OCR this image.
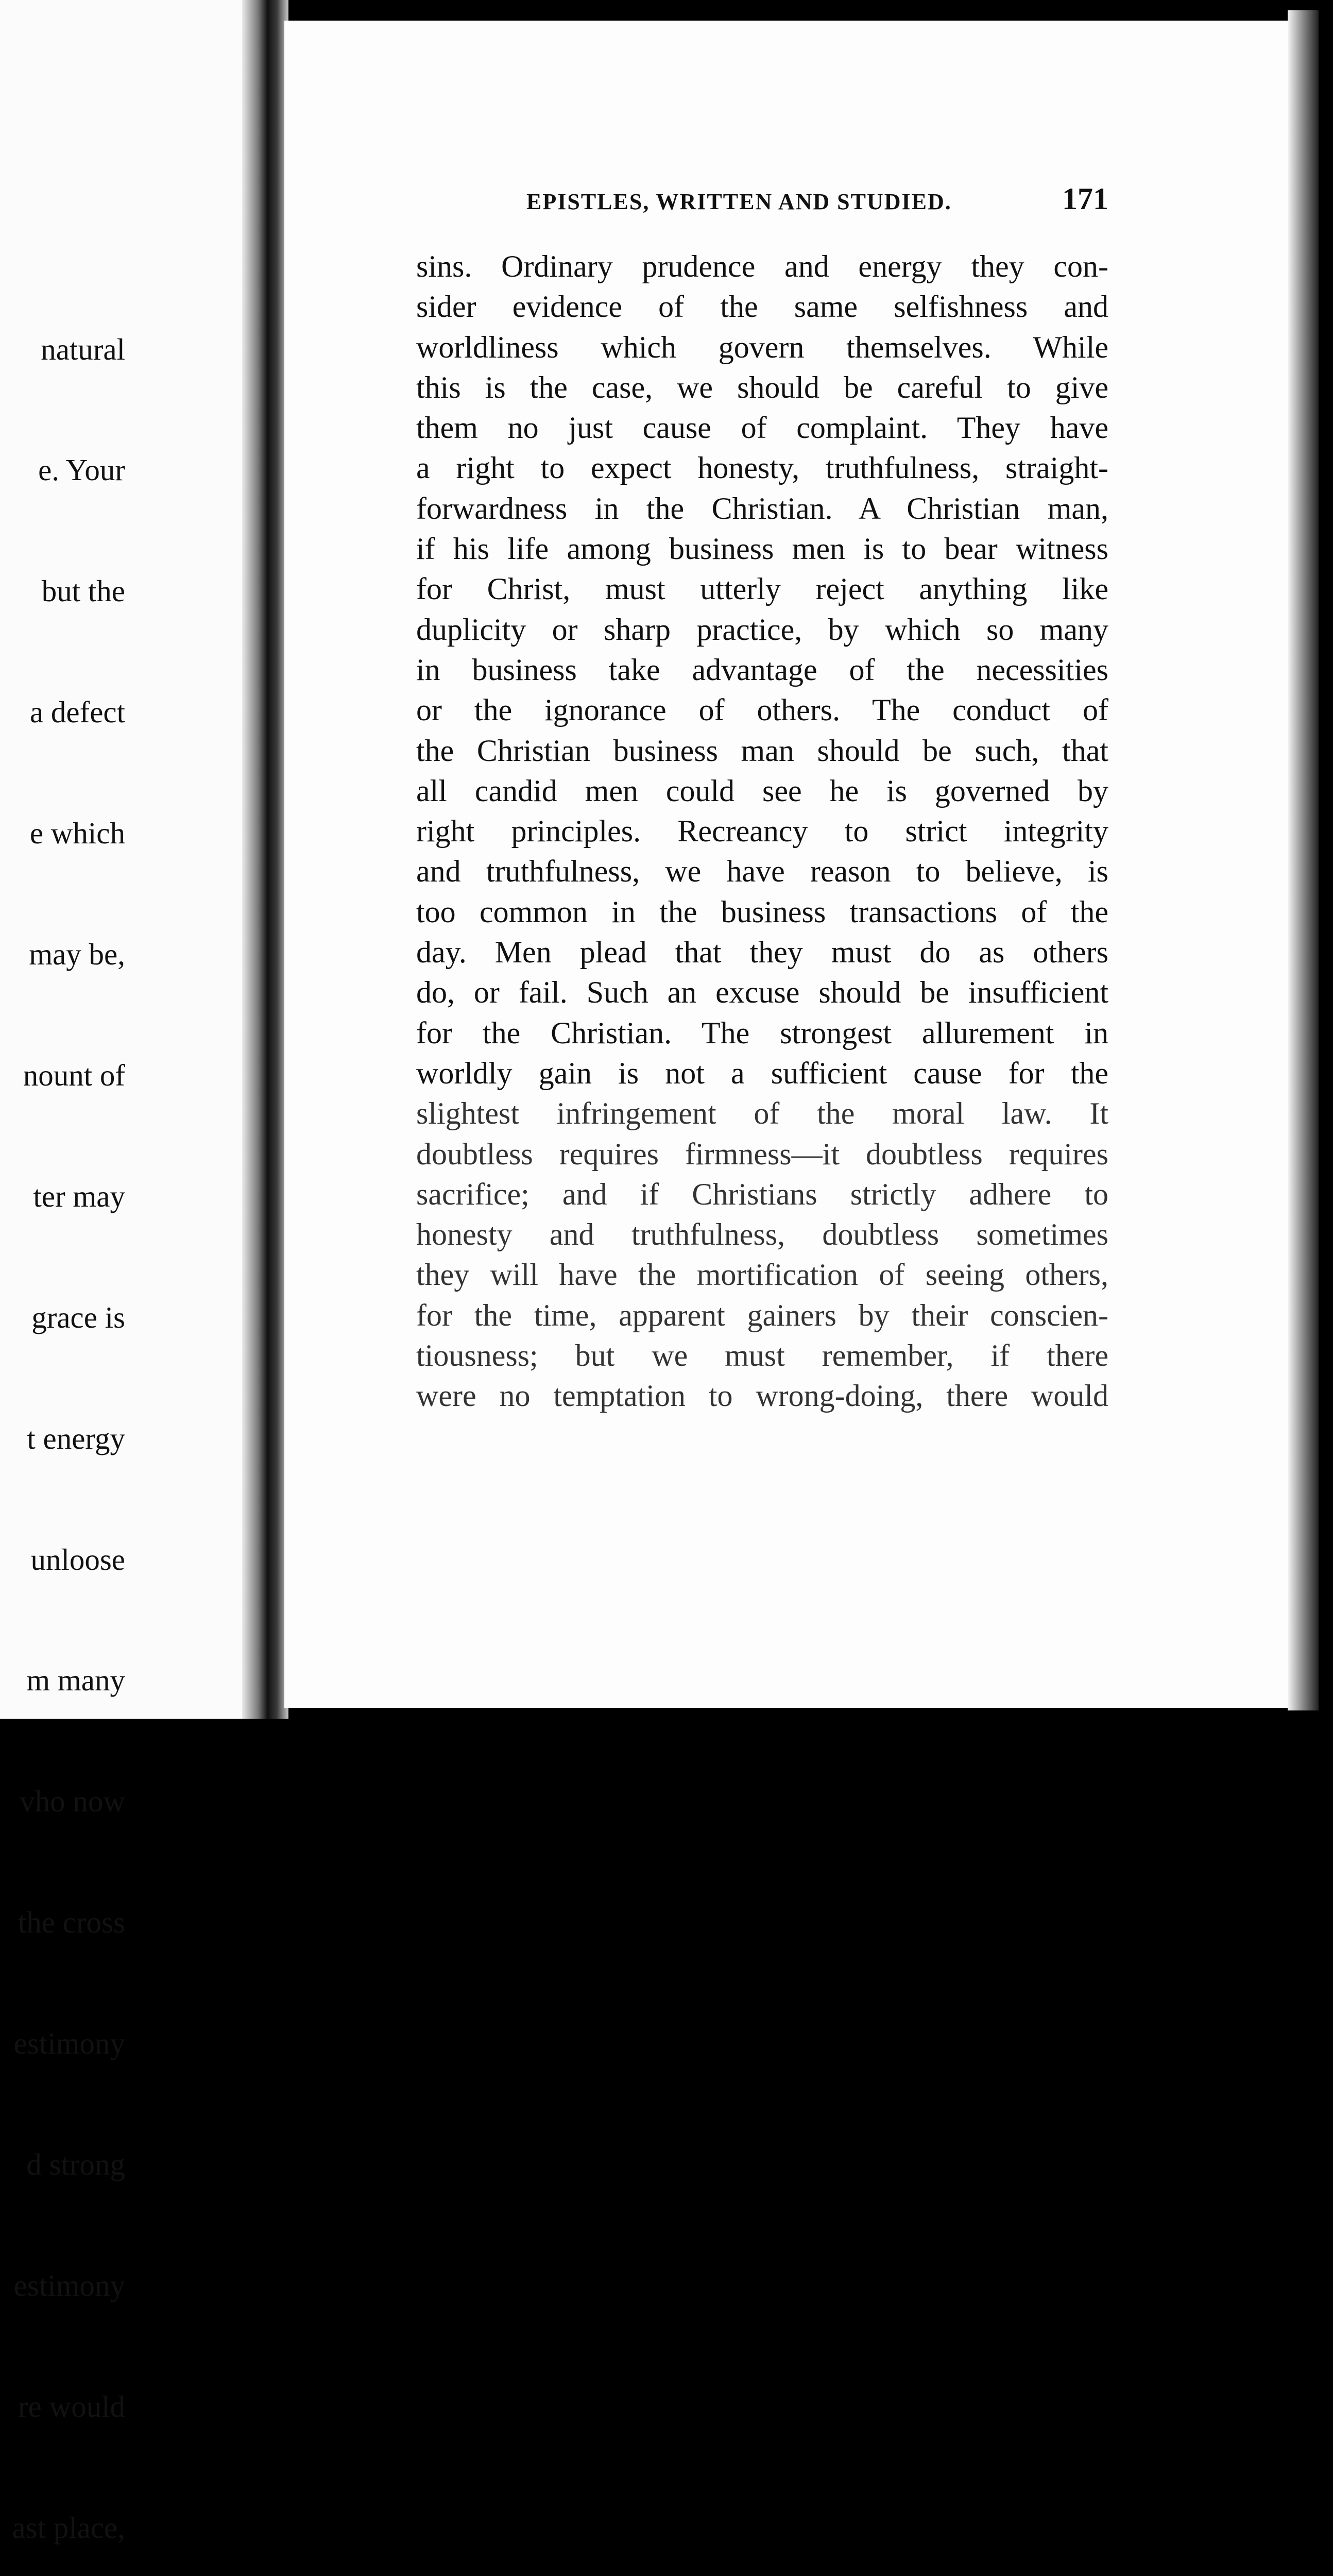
natural

e. Your

but the

a defect

e which

may be,

nount of

ter may

grace is

t energy

unloose

m many

vho now

the cross

estimony

d strong

estimony

re would

ast place,

EPISTLES, WRITTEN AND STUDIED.	171
sins. Ordinary prudence and energy they con-
sider evidence of the same selfishness and
worldliness which govern themselves. While
this is the case, we should be careful to give
them no just cause of complaint. They have
a right to expect honesty, truthfulness, straight-
forwardness in the Christian. A Christian man,
if his life among business men is to bear witness
for Christ, must utterly reject anything like
duplicity or sharp practice, by which so many
in business take advantage of the necessities
or the ignorance of others. The conduct of
the Christian business man should be such, that
all candid men could see he is governed by
right principles. Recreancy to strict integrity
and truthfulness, we have reason to believe, is
too common in the business transactions of the
day. Men plead that they must do as others
do, or fail. Such an excuse should be insufficient
for the Christian. The strongest allurement in
worldly gain is not a sufficient cause for the
slightest infringement of the moral law. It
doubtless requires firmness—it doubtless requires
sacrifice; and if Christians strictly adhere to
honesty and truthfulness, doubtless sometimes
they will have the mortification of seeing others,
for the time, apparent gainers by their conscien-
tiousness; but we must remember, if there
were no temptation to wrong-doing, there would
